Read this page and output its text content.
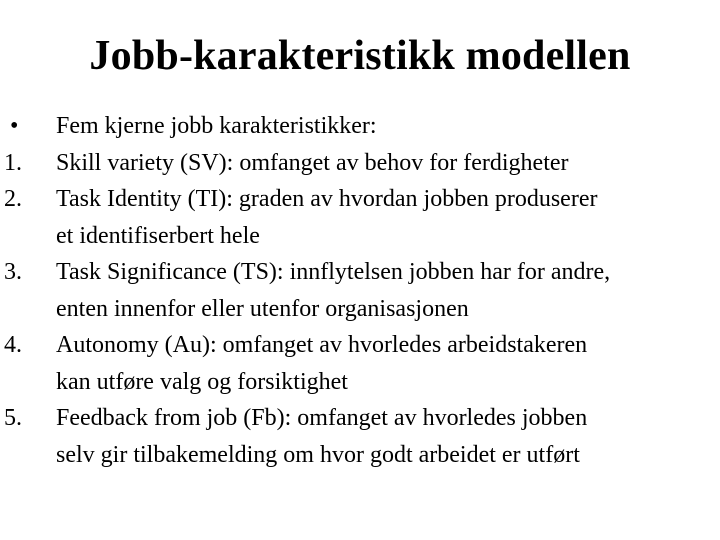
Jobb-karakteristikk modellen
•	Fem kjerne jobb karakteristikker:
1.	Skill variety (SV): omfanget av behov for ferdigheter
2.	Task Identity (TI): graden av hvordan jobben produserer
et identifiserbert hele
3.	Task Significance (TS): innflytelsen jobben har for andre,
enten innenfor eller utenfor organisasjonen
4.	Autonomy (Au): omfanget av hvorledes arbeidstakeren
kan utføre valg og forsiktighet
5.	Feedback from job (Fb): omfanget av hvorledes jobben
selv gir tilbakemelding om hvor godt arbeidet er utført
